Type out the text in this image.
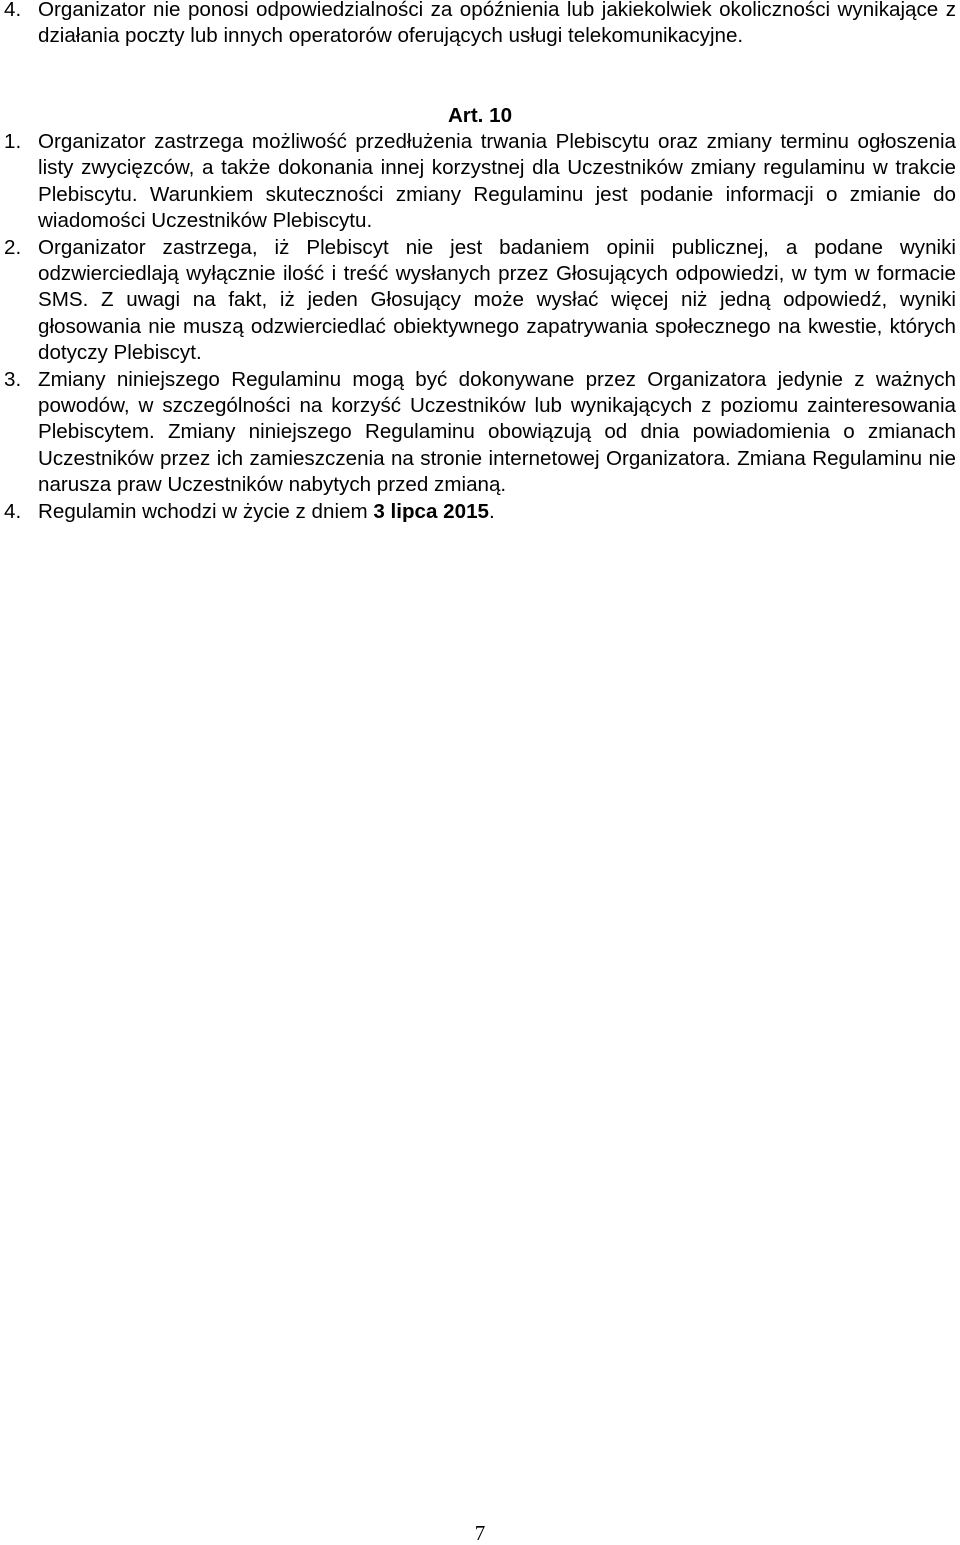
4. Organizator nie ponosi odpowiedzialności za opóźnienia lub jakiekolwiek okoliczności wynikające z działania poczty lub innych operatorów oferujących usługi telekomunikacyjne.
Art. 10
1. Organizator zastrzega możliwość przedłużenia trwania Plebiscytu oraz zmiany terminu ogłoszenia listy zwycięzców, a także dokonania innej korzystnej dla Uczestników zmiany regulaminu w trakcie Plebiscytu. Warunkiem skuteczności zmiany Regulaminu jest podanie informacji o zmianie do wiadomości Uczestników Plebiscytu.
2. Organizator zastrzega, iż Plebiscyt nie jest badaniem opinii publicznej, a podane wyniki odzwierciedlają wyłącznie ilość i treść wysłanych przez Głosujących odpowiedzi, w tym w formacie SMS. Z uwagi na fakt, iż jeden Głosujący może wysłać więcej niż jedną odpowiedź, wyniki głosowania nie muszą odzwierciedlać obiektywnego zapatrywania społecznego na kwestie, których dotyczy Plebiscyt.
3. Zmiany niniejszego Regulaminu mogą być dokonywane przez Organizatora jedynie z ważnych powodów, w szczególności na korzyść Uczestników lub wynikających z poziomu zainteresowania Plebiscytem. Zmiany niniejszego Regulaminu obowiązują od dnia powiadomienia o zmianach Uczestników przez ich zamieszczenia na stronie internetowej Organizatora. Zmiana Regulaminu nie narusza praw Uczestników nabytych przed zmianą.
4. Regulamin wchodzi w życie z dniem 3 lipca 2015.
7
